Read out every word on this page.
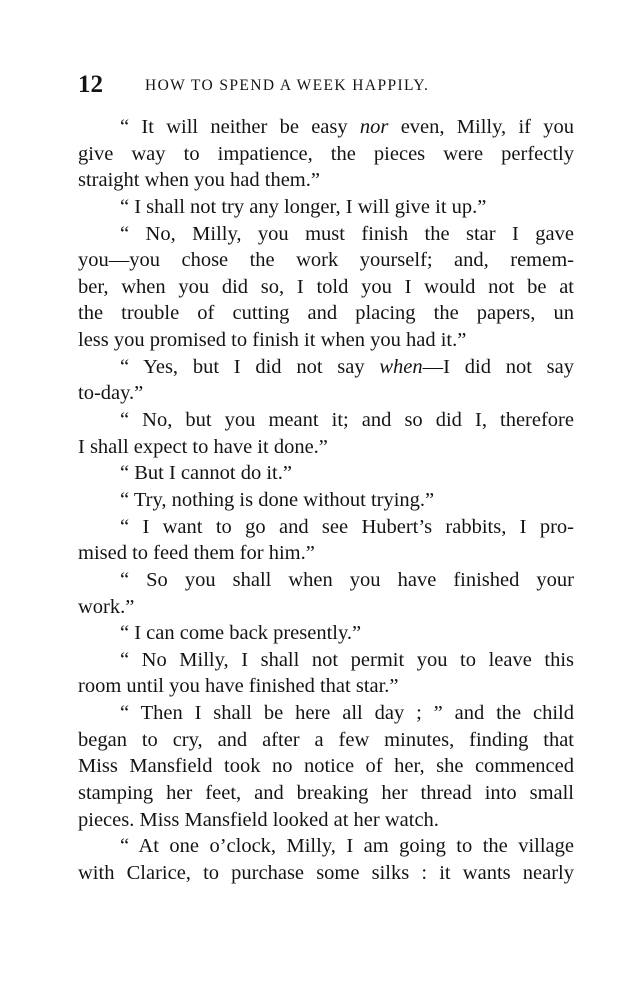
12	HOW TO SPEND A WEEK HAPPILY.
“ It will neither be easy nor even, Milly, if you
give way to impatience, the pieces were perfectly
straight when you had them.”
“ I shall not try any longer, I will give it up.”
“ No, Milly, you must finish the star I gave
you—you chose the work yourself; and, remem-
ber, when you did so, I told you I would not be at
the trouble of cutting and placing the papers, un
less you promised to finish it when you had it.”
“ Yes, but I did not say when—I did not say
to-day.”
“ No, but you meant it; and so did I, therefore
I shall expect to have it done.”
“ But I cannot do it.”
“ Try, nothing is done without trying.”
“ I want to go and see Hubert’s rabbits, I pro-
mised to feed them for him.”
“ So you shall when you have finished your
work.”
“ I can come back presently.”
“ No Milly, I shall not permit you to leave this
room until you have finished that star.”
“ Then I shall be here all day ; ” and the child
began to cry, and after a few minutes, finding that
Miss Mansfield took no notice of her, she commenced
stamping her feet, and breaking her thread into small
pieces. Miss Mansfield looked at her watch.
“ At one o’clock, Milly, I am going to the village
with Clarice, to purchase some silks : it wants nearly
